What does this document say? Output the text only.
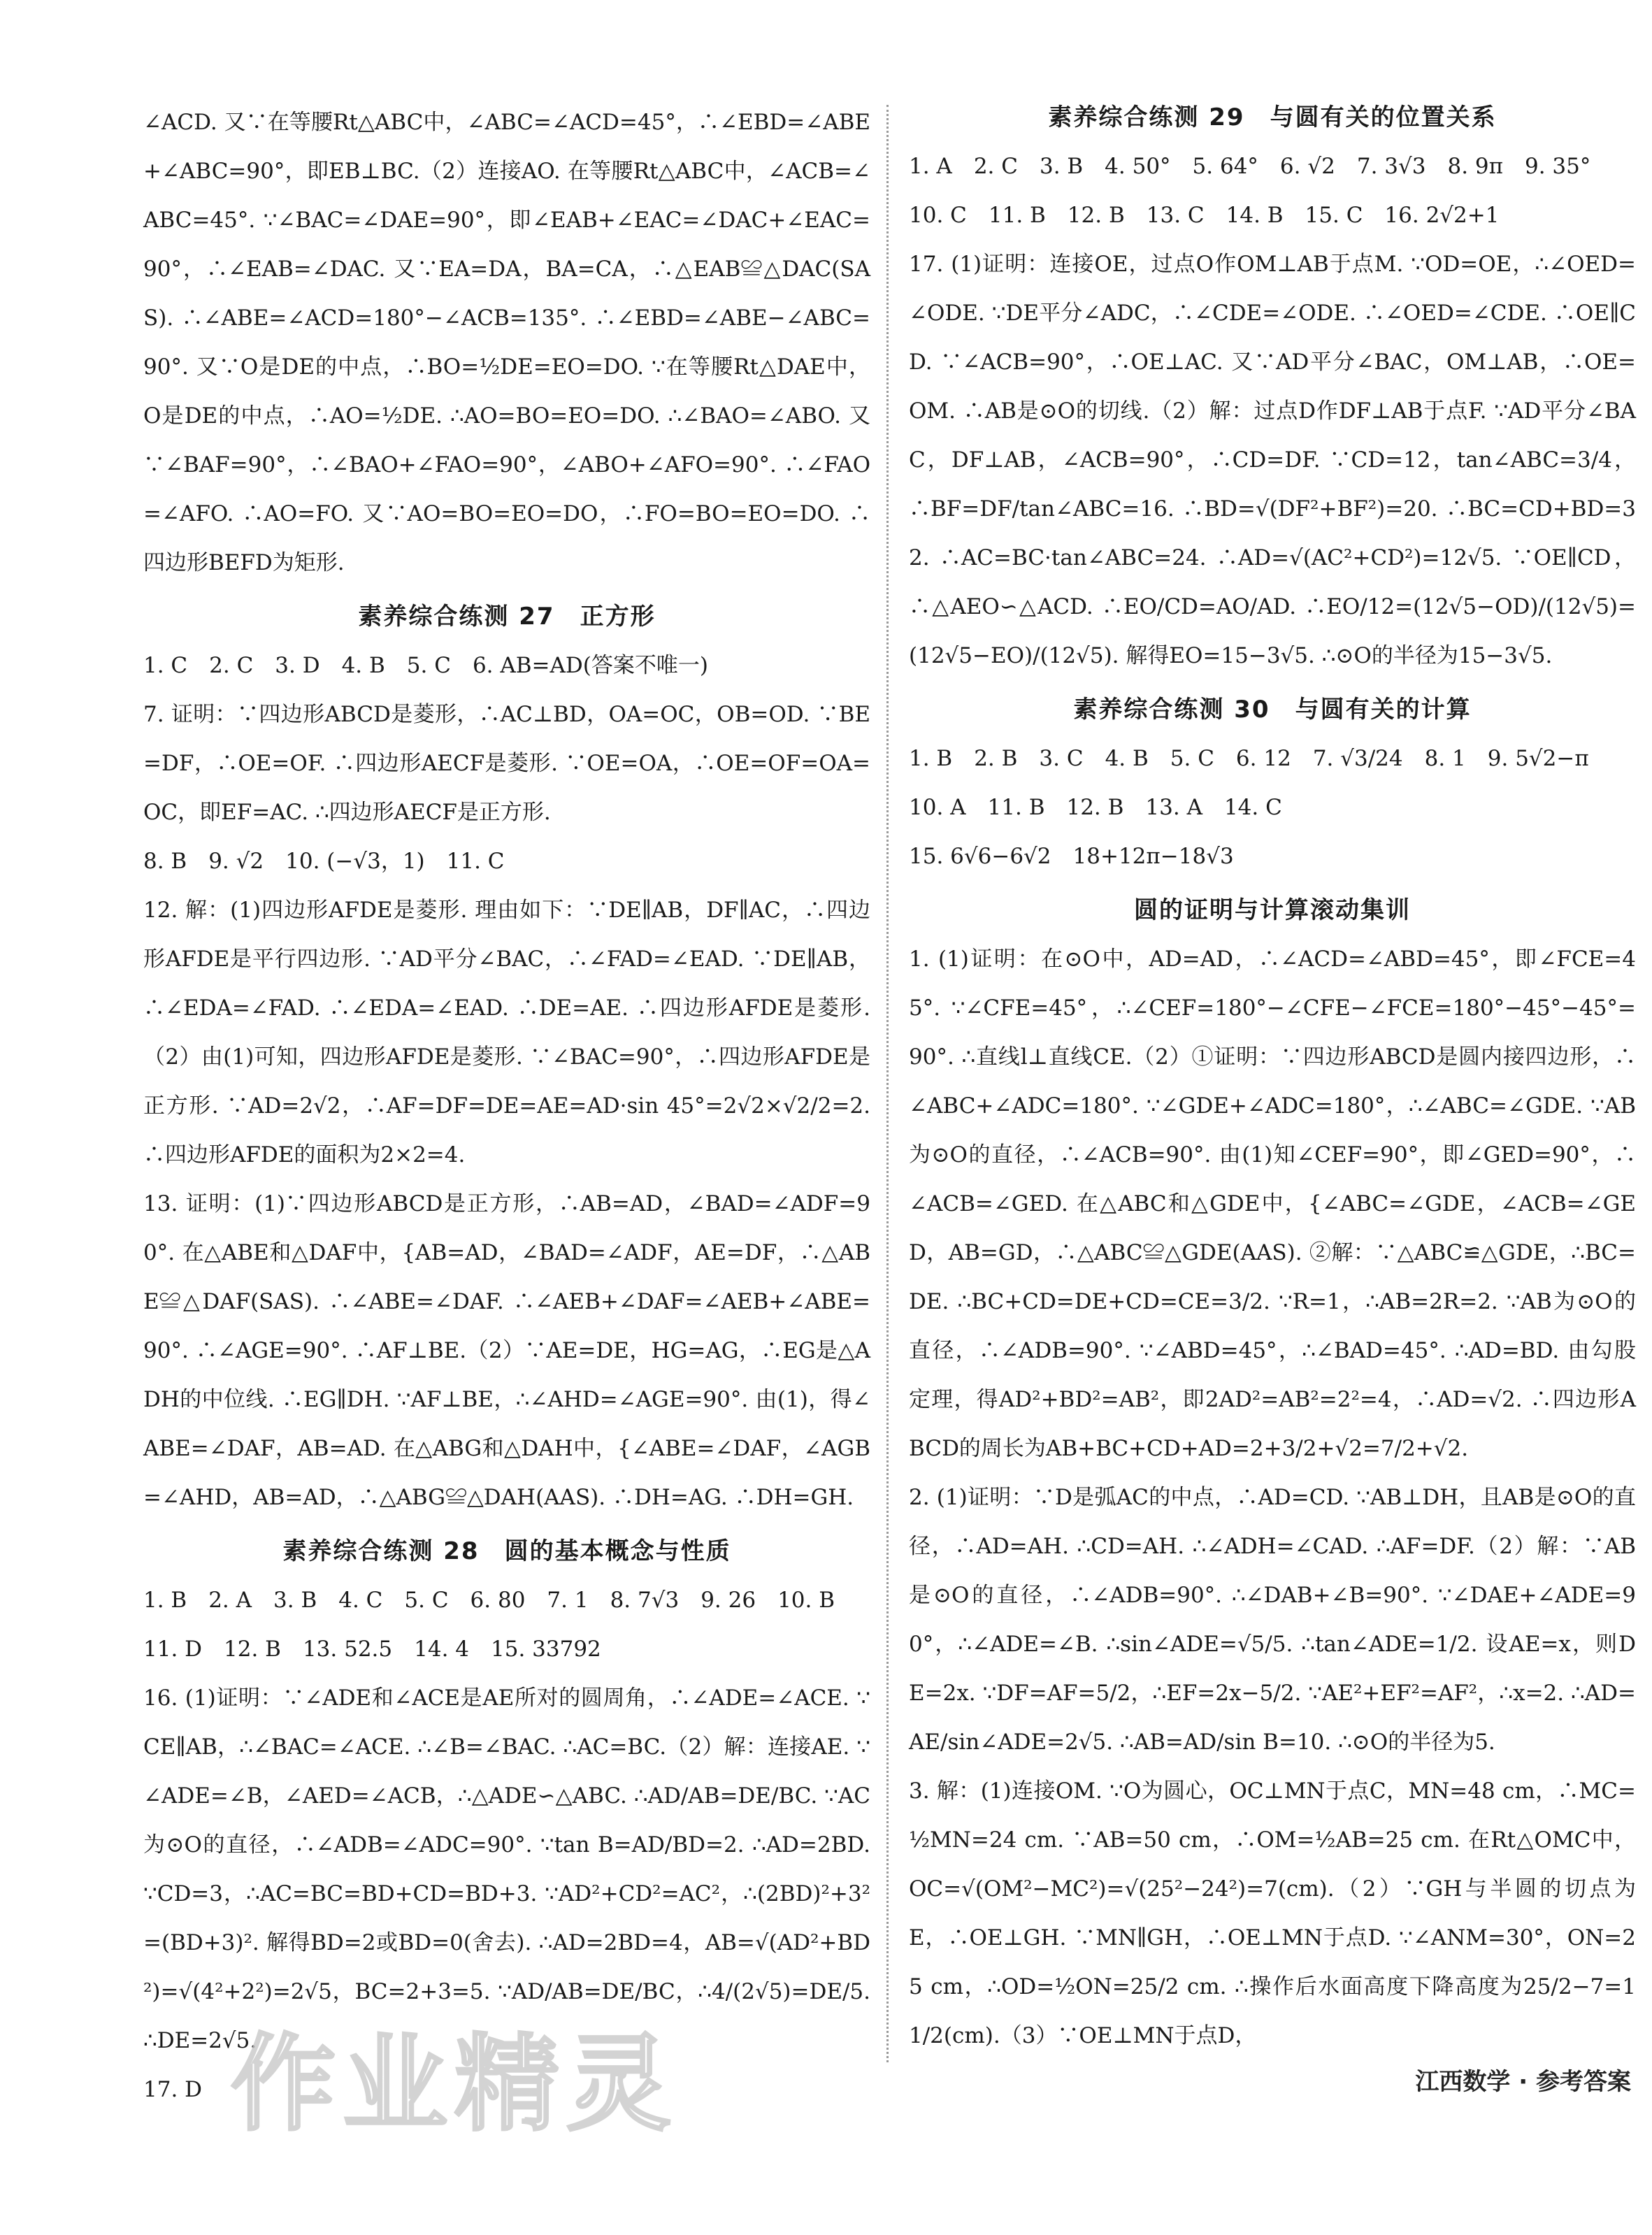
∠ACD. 又∵在等腰Rt△ABC中，∠ABC=∠ACD=45°，∴∠EBD=∠ABE+∠ABC=90°，即EB⊥BC.（2）连接AO. 在等腰Rt△ABC中，∠ACB=∠ABC=45°. ∵∠BAC=∠DAE=90°，即∠EAB+∠EAC=∠DAC+∠EAC=90°，∴∠EAB=∠DAC. 又∵EA=DA，BA=CA，∴△EAB≌△DAC(SAS). ∴∠ABE=∠ACD=180°−∠ACB=135°. ∴∠EBD=∠ABE−∠ABC=90°. 又∵O是DE的中点，∴BO=½DE=EO=DO. ∵在等腰Rt△DAE中，O是DE的中点，∴AO=½DE. ∴AO=BO=EO=DO. ∴∠BAO=∠ABO. 又∵∠BAF=90°，∴∠BAO+∠FAO=90°，∠ABO+∠AFO=90°. ∴∠FAO=∠AFO. ∴AO=FO. 又∵AO=BO=EO=DO，∴FO=BO=EO=DO. ∴四边形BEFD为矩形.

素养综合练测 27　正方形

1. C　2. C　3. D　4. B　5. C　6. AB=AD(答案不唯一)

7. 证明：∵四边形ABCD是菱形，∴AC⊥BD，OA=OC，OB=OD. ∵BE=DF，∴OE=OF. ∴四边形AECF是菱形. ∵OE=OA，∴OE=OF=OA=OC，即EF=AC. ∴四边形AECF是正方形.

8. B　9. √2　10. (−√3，1)　11. C

12. 解：(1)四边形AFDE是菱形. 理由如下：∵DE∥AB，DF∥AC，∴四边形AFDE是平行四边形. ∵AD平分∠BAC，∴∠FAD=∠EAD. ∵DE∥AB，∴∠EDA=∠FAD. ∴∠EDA=∠EAD. ∴DE=AE. ∴四边形AFDE是菱形.（2）由(1)可知，四边形AFDE是菱形. ∵∠BAC=90°，∴四边形AFDE是正方形. ∵AD=2√2，∴AF=DF=DE=AE=AD·sin 45°=2√2×√2/2=2. ∴四边形AFDE的面积为2×2=4.

13. 证明：(1)∵四边形ABCD是正方形，∴AB=AD，∠BAD=∠ADF=90°. 在△ABE和△DAF中，{AB=AD，∠BAD=∠ADF，AE=DF，∴△ABE≌△DAF(SAS). ∴∠ABE=∠DAF. ∴∠AEB+∠DAF=∠AEB+∠ABE=90°. ∴∠AGE=90°. ∴AF⊥BE.（2）∵AE=DE，HG=AG，∴EG是△ADH的中位线. ∴EG∥DH. ∵AF⊥BE，∴∠AHD=∠AGE=90°. 由(1)，得∠ABE=∠DAF，AB=AD. 在△ABG和△DAH中，{∠ABE=∠DAF，∠AGB=∠AHD，AB=AD，∴△ABG≌△DAH(AAS). ∴DH=AG. ∴DH=GH.

素养综合练测 28　圆的基本概念与性质

1. B　2. A　3. B　4. C　5. C　6. 80　7. 1　8. 7√3　9. 26　10. B

11. D　12. B　13. 52.5　14. 4　15. 33792

16. (1)证明：∵∠ADE和∠ACE是AE所对的圆周角，∴∠ADE=∠ACE. ∵CE∥AB，∴∠BAC=∠ACE. ∴∠B=∠BAC. ∴AC=BC.（2）解：连接AE. ∵∠ADE=∠B，∠AED=∠ACB，∴△ADE∽△ABC. ∴AD/AB=DE/BC. ∵AC为⊙O的直径，∴∠ADB=∠ADC=90°. ∵tan B=AD/BD=2. ∴AD=2BD. ∵CD=3，∴AC=BC=BD+CD=BD+3. ∵AD²+CD²=AC²，∴(2BD)²+3²=(BD+3)². 解得BD=2或BD=0(舍去). ∴AD=2BD=4，AB=√(AD²+BD²)=√(4²+2²)=2√5，BC=2+3=5. ∵AD/AB=DE/BC，∴4/(2√5)=DE/5. ∴DE=2√5.

17. D

素养综合练测 29　与圆有关的位置关系

1. A　2. C　3. B　4. 50°　5. 64°　6. √2　7. 3√3　8. 9π　9. 35°

10. C　11. B　12. B　13. C　14. B　15. C　16. 2√2+1

17. (1)证明：连接OE，过点O作OM⊥AB于点M. ∵OD=OE，∴∠OED=∠ODE. ∵DE平分∠ADC，∴∠CDE=∠ODE. ∴∠OED=∠CDE. ∴OE∥CD. ∵∠ACB=90°，∴OE⊥AC. 又∵AD平分∠BAC，OM⊥AB，∴OE=OM. ∴AB是⊙O的切线.（2）解：过点D作DF⊥AB于点F. ∵AD平分∠BAC，DF⊥AB，∠ACB=90°，∴CD=DF. ∵CD=12，tan∠ABC=3/4，∴BF=DF/tan∠ABC=16. ∴BD=√(DF²+BF²)=20. ∴BC=CD+BD=32. ∴AC=BC·tan∠ABC=24. ∴AD=√(AC²+CD²)=12√5. ∵OE∥CD，∴△AEO∽△ACD. ∴EO/CD=AO/AD. ∴EO/12=(12√5−OD)/(12√5)=(12√5−EO)/(12√5). 解得EO=15−3√5. ∴⊙O的半径为15−3√5.

素养综合练测 30　与圆有关的计算

1. B　2. B　3. C　4. B　5. C　6. 12　7. √3/24　8. 1　9. 5√2−π

10. A　11. B　12. B　13. A　14. C

15. 6√6−6√2　18+12π−18√3

圆的证明与计算滚动集训

1. (1)证明：在⊙O中，AD=AD，∴∠ACD=∠ABD=45°，即∠FCE=45°. ∵∠CFE=45°，∴∠CEF=180°−∠CFE−∠FCE=180°−45°−45°=90°. ∴直线l⊥直线CE.（2）①证明：∵四边形ABCD是圆内接四边形，∴∠ABC+∠ADC=180°. ∵∠GDE+∠ADC=180°，∴∠ABC=∠GDE. ∵AB为⊙O的直径，∴∠ACB=90°. 由(1)知∠CEF=90°，即∠GED=90°，∴∠ACB=∠GED. 在△ABC和△GDE中，{∠ABC=∠GDE，∠ACB=∠GED，AB=GD，∴△ABC≌△GDE(AAS). ②解：∵△ABC≌△GDE，∴BC=DE. ∴BC+CD=DE+CD=CE=3/2. ∵R=1，∴AB=2R=2. ∵AB为⊙O的直径，∴∠ADB=90°. ∵∠ABD=45°，∴∠BAD=45°. ∴AD=BD. 由勾股定理，得AD²+BD²=AB²，即2AD²=AB²=2²=4，∴AD=√2. ∴四边形ABCD的周长为AB+BC+CD+AD=2+3/2+√2=7/2+√2.

2. (1)证明：∵D是弧AC的中点，∴AD=CD. ∵AB⊥DH，且AB是⊙O的直径，∴AD=AH. ∴CD=AH. ∴∠ADH=∠CAD. ∴AF=DF.（2）解：∵AB是⊙O的直径，∴∠ADB=90°. ∴∠DAB+∠B=90°. ∵∠DAE+∠ADE=90°，∴∠ADE=∠B. ∴sin∠ADE=√5/5. ∴tan∠ADE=1/2. 设AE=x，则DE=2x. ∵DF=AF=5/2，∴EF=2x−5/2. ∵AE²+EF²=AF²，∴x=2. ∴AD=AE/sin∠ADE=2√5. ∴AB=AD/sin B=10. ∴⊙O的半径为5.

3. 解：(1)连接OM. ∵O为圆心，OC⊥MN于点C，MN=48 cm，∴MC=½MN=24 cm. ∵AB=50 cm，∴OM=½AB=25 cm. 在Rt△OMC中，OC=√(OM²−MC²)=√(25²−24²)=7(cm).（2）∵GH与半圆的切点为E，∴OE⊥GH. ∵MN∥GH，∴OE⊥MN于点D. ∵∠ANM=30°，ON=25 cm，∴OD=½ON=25/2 cm. ∴操作后水面高度下降高度为25/2−7=11/2(cm).（3）∵OE⊥MN于点D，

作业精灵	江西数学 · 参考答案
